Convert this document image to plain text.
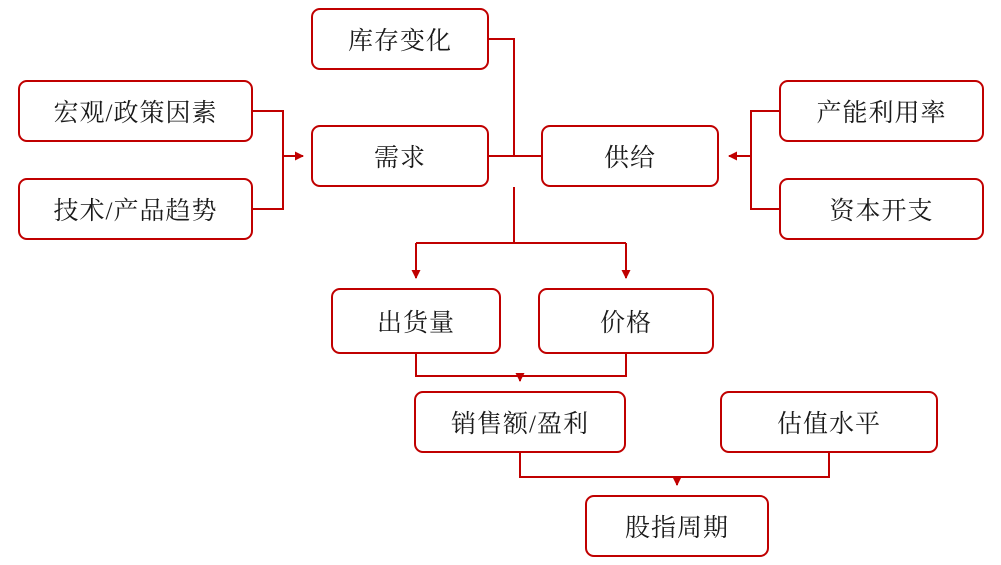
库存变化
宏观/政策因素
技术/产品趋势
需求	供给
产能利用率
资本开支
出货量	价格
销售额/盈利	估值水平
股指周期
